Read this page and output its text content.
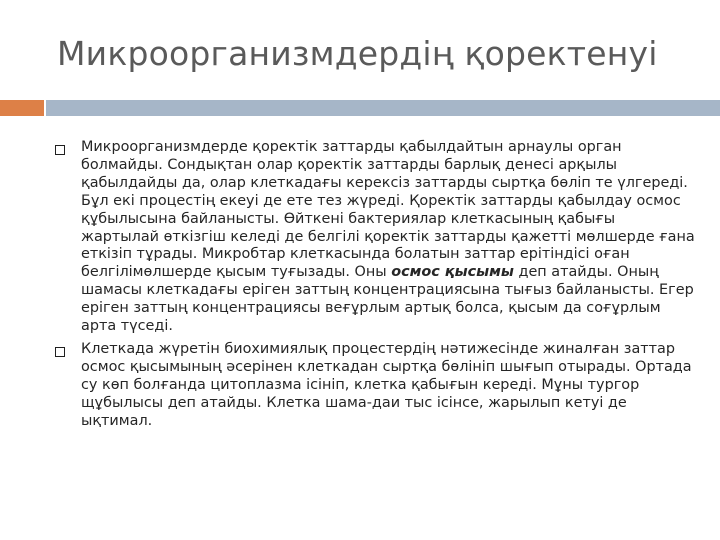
Микроорганизмдердің қоректенуі
Микроорганизмдерде қоректік заттарды қабылдайтын арнаулы орган болмайды. Сондықтан олар қоректік заттарды барлық денесі арқылы қабылдайды да, олар клеткадағы керексіз заттарды сыртқа бөліп те үлгереді. Бұл екі процестің екеуі де ете тез жүреді. Қоректік заттарды қабылдау осмос құбылысына байланысты. Өйткені бактериялар клеткасының қабығы жартылай өткізгіш келеді де белгілі қоректік заттарды қажетті мөлшерде ғана еткізіп тұрады. Микробтар клеткасында болатын заттар ерітіндісі оған белгілімөлшерде қысым туғызады. Оны осмос қысымы деп атайды. Оның шамасы клеткадағы еріген заттың концентрациясына тығыз байланысты. Егер еріген заттың концентрациясы веғұрлым артық болса, қысым да соғұрлым арта түседі.
Клеткада жүретін биохимиялық процестердің нәтижесінде жиналған заттар осмос қысымының әсерінен клеткадан сыртқа бөлініп шығып отырады. Ортада су көп болғанда цитоплазма ісініп, клетка қабығын кереді. Мұны тургор щұбылысы деп атайды. Клетка шама-даи тыс ісінсе, жарылып кетуі де ықтимал.
